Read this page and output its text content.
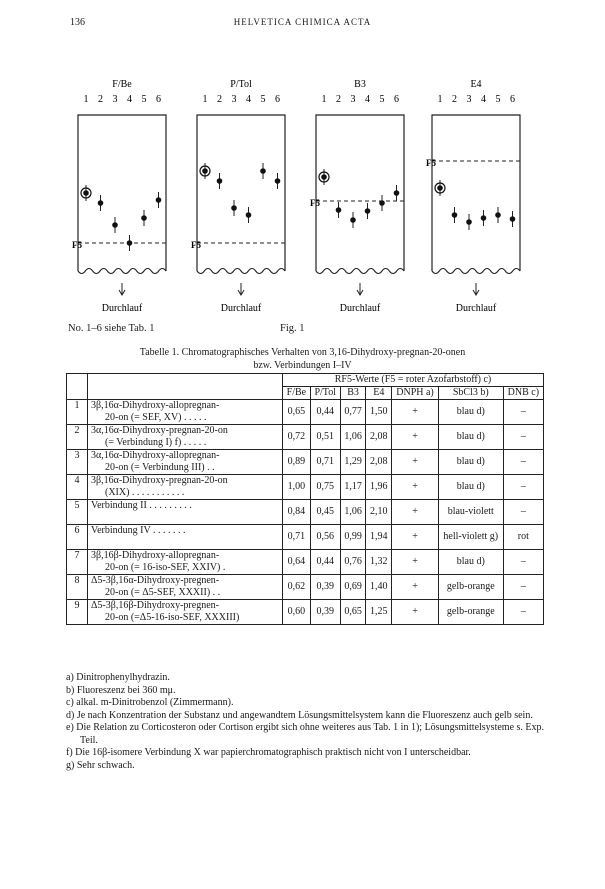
136	HELVETICA CHIMICA ACTA
F/Be
1 2 3 4 5 6
F5
Durchlauf
P/Tol
1 2 3 4 5 6
F5
Durchlauf
B3
1 2 3 4 5 6
F5
Durchlauf
E4
1 2 3 4 5 6
F5
Durchlauf
No. 1–6 siehe Tab. 1	Fig. 1
Tabelle 1. Chromatographisches Verhalten von 3,16-Dihydroxy-pregnan-20-onen
bzw. Verbindungen I–IV
		RF5-Werte (F5 = roter Azofarbstoff) c)						
		F/Be	P/Tol	B3	E4	DNPH a)	SbCl3 b)	DNB c)
1	3β,16α-Dihydroxy-allopregnan-
20-on (= SEF, XV) . . . . .	0,65	0,44	0,77	1,50	+	blau d)	–
2	3α,16α-Dihydroxy-pregnan-20-on
(= Verbindung I) f) . . . . .	0,72	0,51	1,06	2,08	+	blau d)	–
3	3α,16α-Dihydroxy-allopregnan-
20-on (= Verbindung III) . .	0,89	0,71	1,29	2,08	+	blau d)	–
4	3β,16α-Dihydroxy-pregnan-20-on
(XIX) . . . . . . . . . . .	1,00	0,75	1,17	1,96	+	blau d)	–
5	Verbindung II . . . . . . . . .	0,84	0,45	1,06	2,10	+	blau-violett	–
6	Verbindung IV . . . . . . .	0,71	0,56	0,99	1,94	+	hell-violett g)	rot
7	3β,16β-Dihydroxy-allopregnan-
20-on (= 16-iso-SEF, XXIV) .	0,64	0,44	0,76	1,32	+	blau d)	–
8	Δ5-3β,16α-Dihydroxy-pregnen-
20-on (= Δ5-SEF, XXXII) . .	0,62	0,39	0,69	1,40	+	gelb-orange	–
9	Δ5-3β,16β-Dihydroxy-pregnen-
20-on (=Δ5-16-iso-SEF, XXXIII)	0,60	0,39	0,65	1,25	+	gelb-orange	–
a) Dinitrophenylhydrazin.
b) Fluoreszenz bei 360 mμ.
c) alkal. m-Dinitrobenzol (Zimmermann).
d) Je nach Konzentration der Substanz und angewandtem Lösungsmittelsystem kann die Fluoreszenz auch gelb sein.
e) Die Relation zu Corticosteron oder Cortison ergibt sich ohne weiteres aus Tab. 1 in 1); Lösungsmittelsysteme s. Exp. Teil.
f) Die 16β-isomere Verbindung X war papierchromatographisch praktisch nicht von I unterscheidbar.
g) Sehr schwach.
